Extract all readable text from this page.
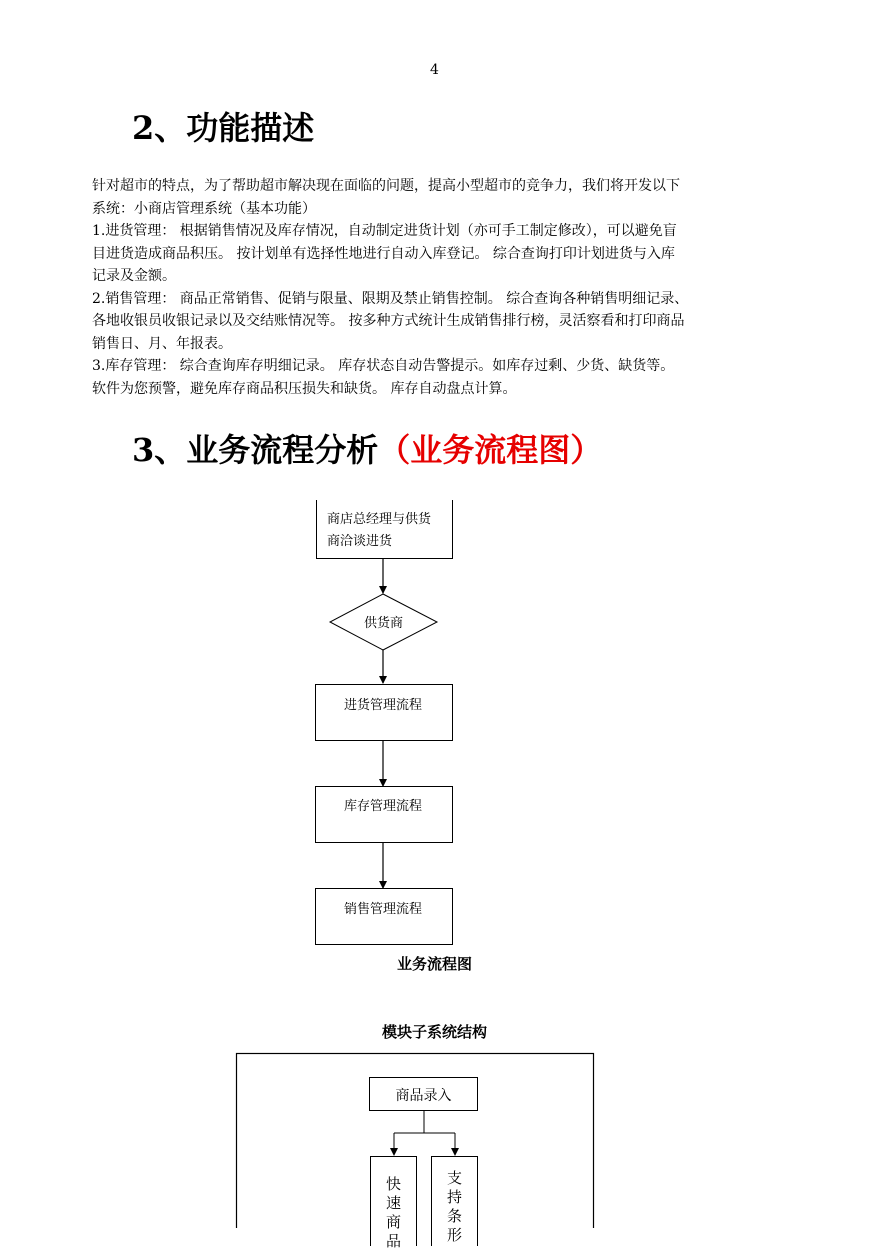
4
2、功能描述

针对超市的特点，为了帮助超市解决现在面临的问题，提高小型超市的竞争力，我们将开发以下

系统：小商店管理系统（基本功能）

1.进货管理： 根据销售情况及库存情况，自动制定进货计划（亦可手工制定修改），可以避免盲

目进货造成商品积压。 按计划单有选择性地进行自动入库登记。 综合查询打印计划进货与入库

记录及金额。

2.销售管理： 商品正常销售、促销与限量、限期及禁止销售控制。 综合查询各种销售明细记录、

各地收银员收银记录以及交结账情况等。 按多种方式统计生成销售排行榜，灵活察看和打印商品

销售日、月、年报表。

3.库存管理： 综合查询库存明细记录。 库存状态自动告警提示。如库存过剩、少货、缺货等。

软件为您预警，避免库存商品积压损失和缺货。 库存自动盘点计算。

3、业务流程分析（业务流程图）
商店总经理与供货
商洽谈进货
供货商
进货管理流程
库存管理流程
销售管理流程
业务流程图
模块子系统结构
商品录入
快
速
商
品
支
持
条
形
